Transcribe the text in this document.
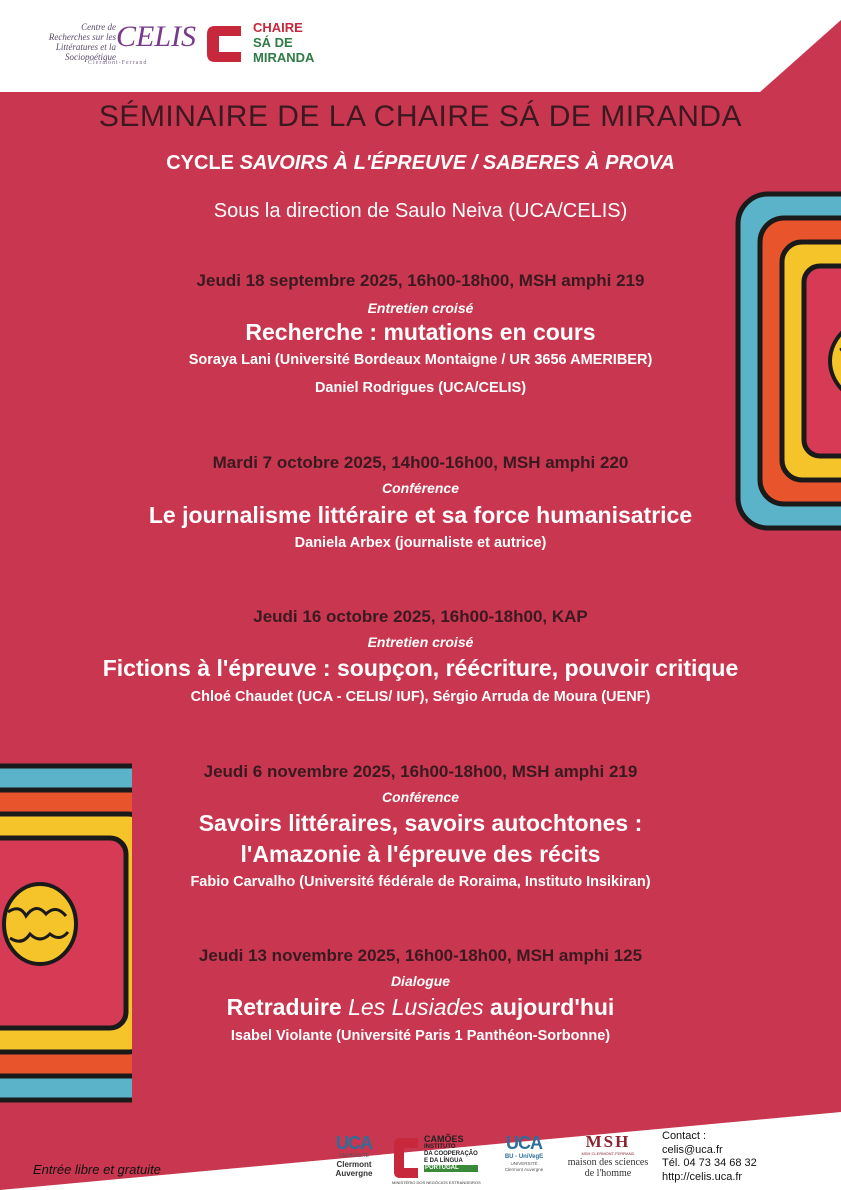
Centre de Recherches sur les Littératures et la Sociopoétique
CELIS
Clermont-Ferrand
CHAIRE
SÁ DE
MIRANDA
SÉMINAIRE DE LA CHAIRE SÁ DE MIRANDA
CYCLE SAVOIRS À L'ÉPREUVE / SABERES À PROVA
Sous la direction de Saulo Neiva (UCA/CELIS)
Jeudi 18 septembre 2025, 16h00-18h00, MSH amphi 219
Entretien croisé
Recherche : mutations en cours
Soraya Lani (Université Bordeaux Montaigne / UR 3656 AMERIBER)
Daniel Rodrigues (UCA/CELIS)
Mardi 7 octobre 2025, 14h00-16h00, MSH amphi 220
Conférence
Le journalisme littéraire et sa force humanisatrice
Daniela Arbex (journaliste et autrice)
Jeudi 16 octobre 2025, 16h00-18h00, KAP
Entretien croisé
Fictions à l'épreuve : soupçon, réécriture, pouvoir critique
Chloé Chaudet (UCA - CELIS/ IUF), Sérgio Arruda de Moura (UENF)
Jeudi 6 novembre 2025, 16h00-18h00, MSH amphi 219
Conférence
Savoirs littéraires, savoirs autochtones :
l'Amazonie à l'épreuve des récits
Fabio Carvalho (Université fédérale de Roraima, Instituto Insikiran)
Jeudi 13 novembre 2025, 16h00-18h00, MSH amphi 125
Dialogue
Retraduire Les Lusiades aujourd'hui
Isabel Violante (Université Paris 1 Panthéon-Sorbonne)
Entrée libre et gratuite
UCA
UNIVERSITÉ
Clermont
Auvergne
CAMÕES
INSTITUTO
DA COOPERAÇÃO
E DA LÍNGUA
PORTUGAL
MINISTÉRIO DOS NEGÓCIOS ESTRANGEIROS
UCA
BU - UniVegE
UNIVERSITÉ
Clermont Auvergne
MSH
MSH CLERMONT-FERRAND
maison des sciences
de l'homme
Contact :
celis@uca.fr
Tél. 04 73 34 68 32
http://celis.uca.fr
